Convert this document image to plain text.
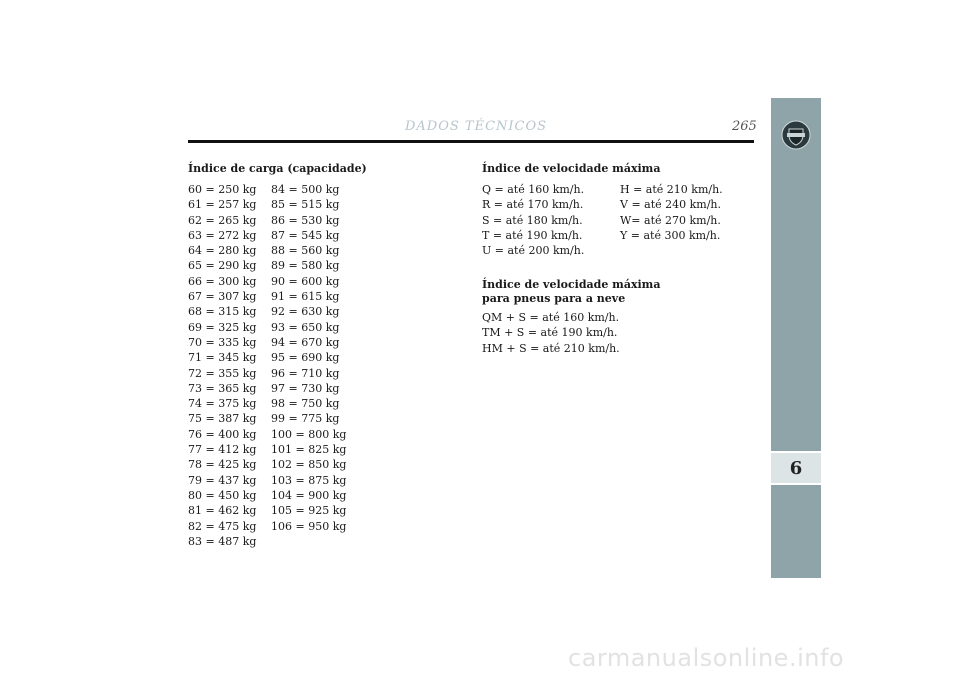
DADOS TÉCNICOS	265
6
Índice de carga (capacidade)
60 = 250 kg
61 = 257 kg
62 = 265 kg
63 = 272 kg
64 = 280 kg
65 = 290 kg
66 = 300 kg
67 = 307 kg
68 = 315 kg
69 = 325 kg
70 = 335 kg
71 = 345 kg
72 = 355 kg
73 = 365 kg
74 = 375 kg
75 = 387 kg
76 = 400 kg
77 = 412 kg
78 = 425 kg
79 = 437 kg
80 = 450 kg
81 = 462 kg
82 = 475 kg
83 = 487 kg
84 = 500 kg
85 = 515 kg
86 = 530 kg
87 = 545 kg
88 = 560 kg
89 = 580 kg
90 = 600 kg
91 = 615 kg
92 = 630 kg
93 = 650 kg
94 = 670 kg
95 = 690 kg
96 = 710 kg
97 = 730 kg
98 = 750 kg
99 = 775 kg
100 = 800 kg
101 = 825 kg
102 = 850 kg
103 = 875 kg
104 = 900 kg
105 = 925 kg
106 = 950 kg
Índice de velocidade máxima
Q = até 160 km/h.
R = até 170 km/h.
S = até 180 km/h.
T = até 190 km/h.
U = até 200 km/h.
H = até 210 km/h.
V = até 240 km/h.
W= até 270 km/h.
Y = até 300 km/h.
Índice de velocidade máxima
para pneus para a neve
QM + S = até 160 km/h.
TM + S = até 190 km/h.
HM + S = até 210 km/h.
carmanualsonline.info
